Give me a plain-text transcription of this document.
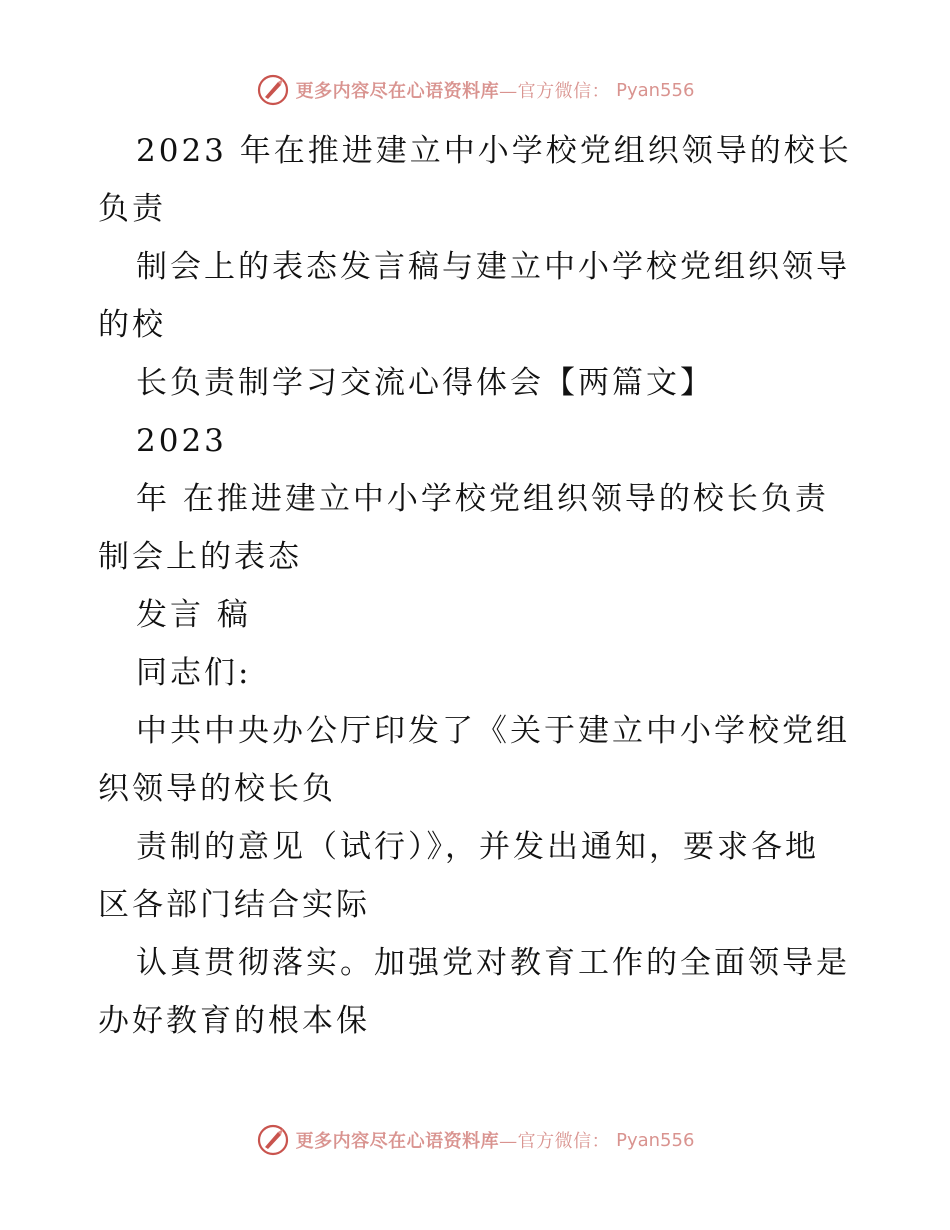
更多内容尽在心语资料库—官方微信： Pyan556
2023 年在推进建立中小学校党组织领导的校长
负责
制会上的表态发言稿与建立中小学校党组织领导
的校
长负责制学习交流心得体会【两篇文】
2023
年 在推进建立中小学校党组织领导的校长负责
制会上的表态
发言 稿
同志们:
中共中央办公厅印发了《关于建立中小学校党组
织领导的校长负
责制的意见（试行）》，并发出通知，要求各地
区各部门结合实际
认真贯彻落实。加强党对教育工作的全面领导是
办好教育的根本保
更多内容尽在心语资料库—官方微信： Pyan556
